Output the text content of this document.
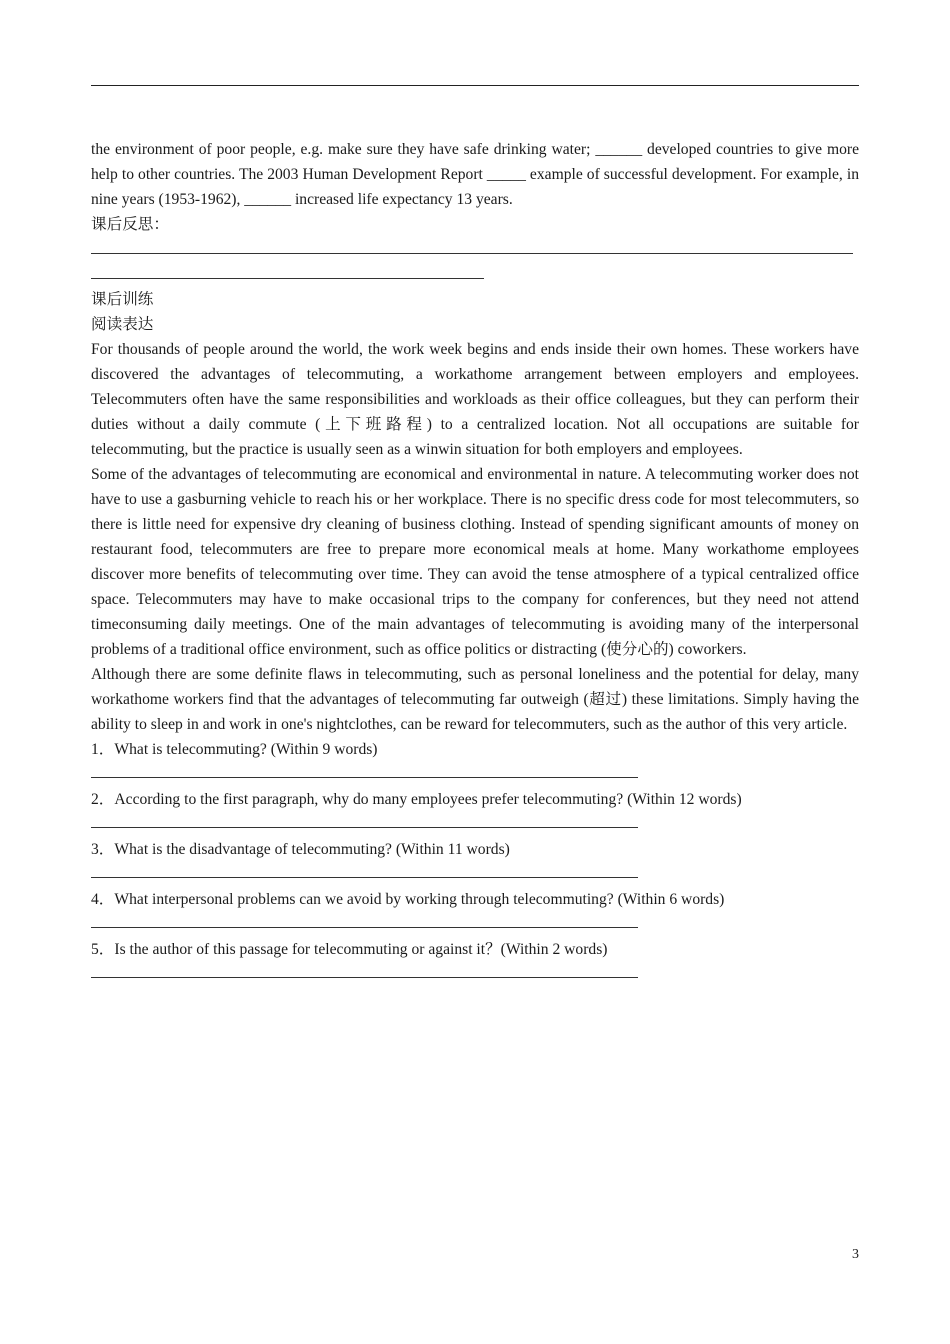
the environment of poor people, e.g. make sure they have safe drinking water; ______ developed countries to give more help to other countries. The 2003 Human Development Report _____ example of successful development. For example, in nine years (1953-1962), ______ increased life expectancy 13 years.

课后反思：

课后训练

阅读表达

For thousands of people around the world, the work week begins and ends inside their own homes. These workers have discovered the advantages of telecommuting, a workathome arrangement between employers and employees. Telecommuters often have the same responsibilities and workloads as their office colleagues, but they can perform their duties without a daily commute (上下班路程) to a centralized location. Not all occupations are suitable for telecommuting, but the practice is usually seen as a winwin situation for both employers and employees.

Some of the advantages of telecommuting are economical and environmental in nature. A telecommuting worker does not have to use a gasburning vehicle to reach his or her workplace. There is no specific dress code for most telecommuters, so there is little need for expensive dry cleaning of business clothing. Instead of spending significant amounts of money on restaurant food, telecommuters are free to prepare more economical meals at home. Many workathome employees discover more benefits of telecommuting over time. They can avoid the tense atmosphere of a typical centralized office space. Telecommuters may have to make occasional trips to the company for conferences, but they need not attend timeconsuming daily meetings. One of the main advantages of telecommuting is avoiding many of the interpersonal problems of a traditional office environment, such as office politics or distracting (使分心的) coworkers.

Although there are some definite flaws in telecommuting, such as personal loneliness and the potential for delay, many workathome workers find that the advantages of telecommuting far outweigh (超过) these limitations. Simply having the ability to sleep in and work in one's nightclothes, can be reward for telecommuters, such as the author of this very article.

1．What is telecommuting? (Within 9 words)

2．According to the first paragraph, why do many employees prefer telecommuting? (Within 12 words)

3．What is the disadvantage of telecommuting? (Within 11 words)

4．What interpersonal problems can we avoid by working through telecommuting? (Within 6 words)

5．Is the author of this passage for telecommuting or against it？(Within 2 words)

3
